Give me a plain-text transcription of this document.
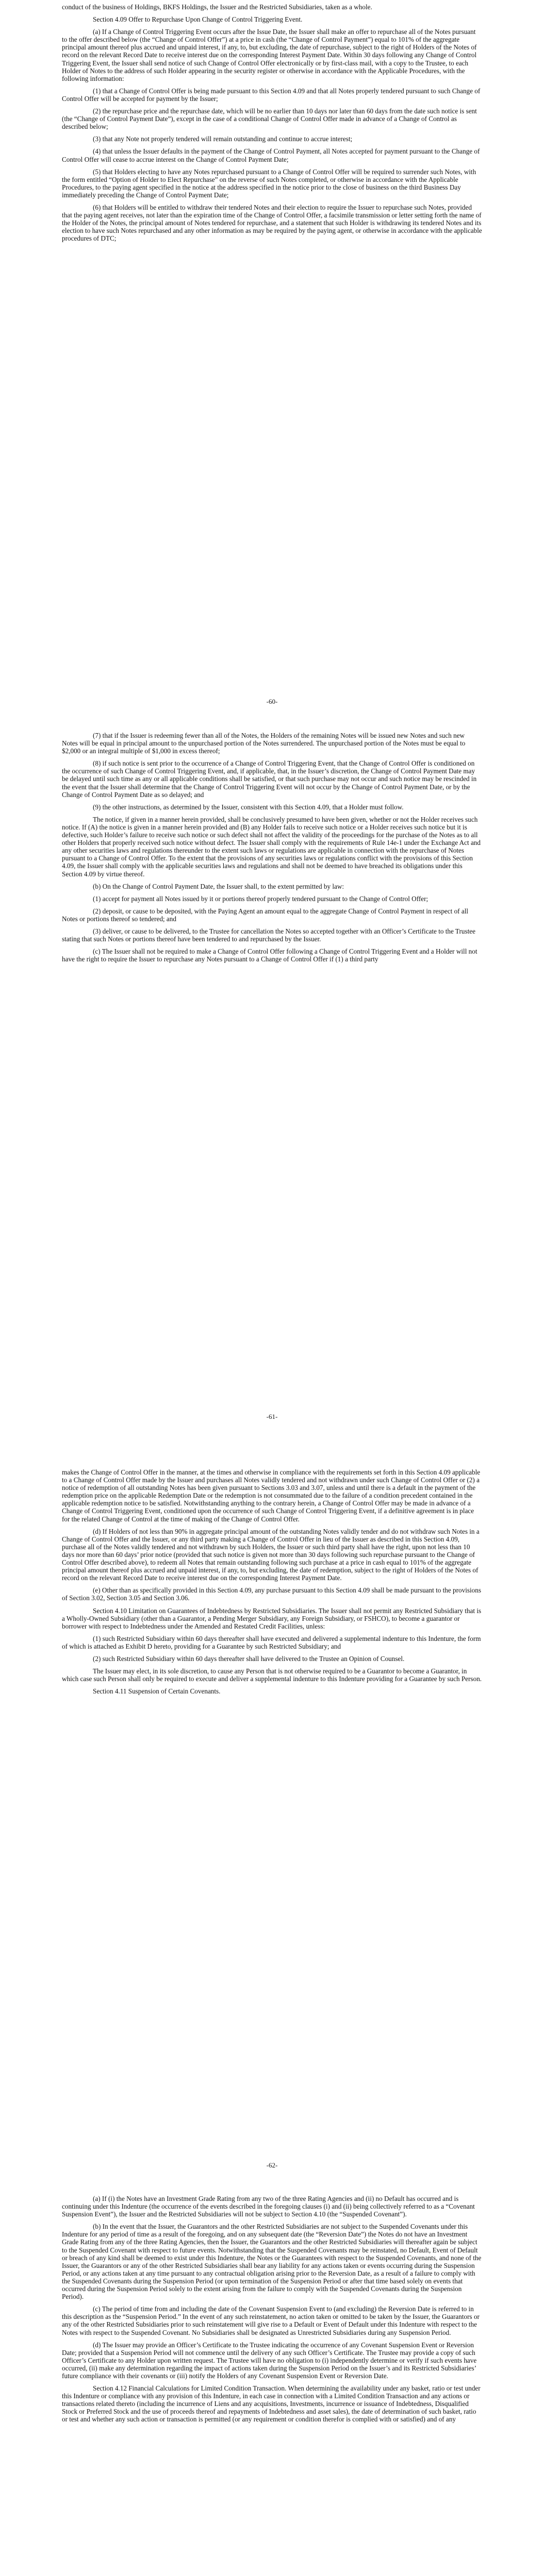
conduct of the business of Holdings, BKFS Holdings, the Issuer and the Restricted Subsidiaries, taken as a whole.

Section 4.09 Offer to Repurchase Upon Change of Control Triggering Event.

(a) If a Change of Control Triggering Event occurs after the Issue Date, the Issuer shall make an offer to repurchase all of the Notes pursuant to the offer described below (the “Change of Control Offer”) at a price in cash (the “Change of Control Payment”) equal to 101% of the aggregate principal amount thereof plus accrued and unpaid interest, if any, to, but excluding, the date of repurchase, subject to the right of Holders of the Notes of record on the relevant Record Date to receive interest due on the corresponding Interest Payment Date. Within 30 days following any Change of Control Triggering Event, the Issuer shall send notice of such Change of Control Offer electronically or by first-class mail, with a copy to the Trustee, to each Holder of Notes to the address of such Holder appearing in the security register or otherwise in accordance with the Applicable Procedures, with the following information:

(1) that a Change of Control Offer is being made pursuant to this Section 4.09 and that all Notes properly tendered pursuant to such Change of Control Offer will be accepted for payment by the Issuer;

(2) the repurchase price and the repurchase date, which will be no earlier than 10 days nor later than 60 days from the date such notice is sent (the “Change of Control Payment Date”), except in the case of a conditional Change of Control Offer made in advance of a Change of Control as described below;

(3) that any Note not properly tendered will remain outstanding and continue to accrue interest;

(4) that unless the Issuer defaults in the payment of the Change of Control Payment, all Notes accepted for payment pursuant to the Change of Control Offer will cease to accrue interest on the Change of Control Payment Date;

(5) that Holders electing to have any Notes repurchased pursuant to a Change of Control Offer will be required to surrender such Notes, with the form entitled “Option of Holder to Elect Repurchase” on the reverse of such Notes completed, or otherwise in accordance with the Applicable Procedures, to the paying agent specified in the notice at the address specified in the notice prior to the close of business on the third Business Day immediately preceding the Change of Control Payment Date;

(6) that Holders will be entitled to withdraw their tendered Notes and their election to require the Issuer to repurchase such Notes, provided that the paying agent receives, not later than the expiration time of the Change of Control Offer, a facsimile transmission or letter setting forth the name of the Holder of the Notes, the principal amount of Notes tendered for repurchase, and a statement that such Holder is withdrawing its tendered Notes and its election to have such Notes repurchased and any other information as may be required by the paying agent, or otherwise in accordance with the applicable procedures of DTC;

-60-

(7) that if the Issuer is redeeming fewer than all of the Notes, the Holders of the remaining Notes will be issued new Notes and such new Notes will be equal in principal amount to the unpurchased portion of the Notes surrendered. The unpurchased portion of the Notes must be equal to $2,000 or an integral multiple of $1,000 in excess thereof;

(8) if such notice is sent prior to the occurrence of a Change of Control Triggering Event, that the Change of Control Offer is conditioned on the occurrence of such Change of Control Triggering Event, and, if applicable, that, in the Issuer’s discretion, the Change of Control Payment Date may be delayed until such time as any or all applicable conditions shall be satisfied, or that such purchase may not occur and such notice may be rescinded in the event that the Issuer shall determine that the Change of Control Triggering Event will not occur by the Change of Control Payment Date, or by the Change of Control Payment Date as so delayed; and

(9) the other instructions, as determined by the Issuer, consistent with this Section 4.09, that a Holder must follow.

The notice, if given in a manner herein provided, shall be conclusively presumed to have been given, whether or not the Holder receives such notice. If (A) the notice is given in a manner herein provided and (B) any Holder fails to receive such notice or a Holder receives such notice but it is defective, such Holder’s failure to receive such notice or such defect shall not affect the validity of the proceedings for the purchase of the Notes as to all other Holders that properly received such notice without defect. The Issuer shall comply with the requirements of Rule 14e-1 under the Exchange Act and any other securities laws and regulations thereunder to the extent such laws or regulations are applicable in connection with the repurchase of Notes pursuant to a Change of Control Offer. To the extent that the provisions of any securities laws or regulations conflict with the provisions of this Section 4.09, the Issuer shall comply with the applicable securities laws and regulations and shall not be deemed to have breached its obligations under this Section 4.09 by virtue thereof.

(b) On the Change of Control Payment Date, the Issuer shall, to the extent permitted by law:

(1) accept for payment all Notes issued by it or portions thereof properly tendered pursuant to the Change of Control Offer;

(2) deposit, or cause to be deposited, with the Paying Agent an amount equal to the aggregate Change of Control Payment in respect of all Notes or portions thereof so tendered; and

(3) deliver, or cause to be delivered, to the Trustee for cancellation the Notes so accepted together with an Officer’s Certificate to the Trustee stating that such Notes or portions thereof have been tendered to and repurchased by the Issuer.

(c) The Issuer shall not be required to make a Change of Control Offer following a Change of Control Triggering Event and a Holder will not have the right to require the Issuer to repurchase any Notes pursuant to a Change of Control Offer if (1) a third party

-61-

makes the Change of Control Offer in the manner, at the times and otherwise in compliance with the requirements set forth in this Section 4.09 applicable to a Change of Control Offer made by the Issuer and purchases all Notes validly tendered and not withdrawn under such Change of Control Offer or (2) a notice of redemption of all outstanding Notes has been given pursuant to Sections 3.03 and 3.07, unless and until there is a default in the payment of the redemption price on the applicable Redemption Date or the redemption is not consummated due to the failure of a condition precedent contained in the applicable redemption notice to be satisfied. Notwithstanding anything to the contrary herein, a Change of Control Offer may be made in advance of a Change of Control Triggering Event, conditioned upon the occurrence of such Change of Control Triggering Event, if a definitive agreement is in place for the related Change of Control at the time of making of the Change of Control Offer.

(d) If Holders of not less than 90% in aggregate principal amount of the outstanding Notes validly tender and do not withdraw such Notes in a Change of Control Offer and the Issuer, or any third party making a Change of Control Offer in lieu of the Issuer as described in this Section 4.09, purchase all of the Notes validly tendered and not withdrawn by such Holders, the Issuer or such third party shall have the right, upon not less than 10 days nor more than 60 days’ prior notice (provided that such notice is given not more than 30 days following such repurchase pursuant to the Change of Control Offer described above), to redeem all Notes that remain outstanding following such purchase at a price in cash equal to 101% of the aggregate principal amount thereof plus accrued and unpaid interest, if any, to, but excluding, the date of redemption, subject to the right of Holders of the Notes of record on the relevant Record Date to receive interest due on the corresponding Interest Payment Date.

(e) Other than as specifically provided in this Section 4.09, any purchase pursuant to this Section 4.09 shall be made pursuant to the provisions of Section 3.02, Section 3.05 and Section 3.06.

Section 4.10 Limitation on Guarantees of Indebtedness by Restricted Subsidiaries. The Issuer shall not permit any Restricted Subsidiary that is a Wholly-Owned Subsidiary (other than a Guarantor, a Pending Merger Subsidiary, any Foreign Subsidiary, or FSHCO), to become a guarantor or borrower with respect to Indebtedness under the Amended and Restated Credit Facilities, unless:

(1) such Restricted Subsidiary within 60 days thereafter shall have executed and delivered a supplemental indenture to this Indenture, the form of which is attached as Exhibit D hereto, providing for a Guarantee by such Restricted Subsidiary; and

(2) such Restricted Subsidiary within 60 days thereafter shall have delivered to the Trustee an Opinion of Counsel.

The Issuer may elect, in its sole discretion, to cause any Person that is not otherwise required to be a Guarantor to become a Guarantor, in which case such Person shall only be required to execute and deliver a supplemental indenture to this Indenture providing for a Guarantee by such Person.

Section 4.11 Suspension of Certain Covenants.

-62-

(a) If (i) the Notes have an Investment Grade Rating from any two of the three Rating Agencies and (ii) no Default has occurred and is continuing under this Indenture (the occurrence of the events described in the foregoing clauses (i) and (ii) being collectively referred to as a “Covenant Suspension Event”), the Issuer and the Restricted Subsidiaries will not be subject to Section 4.10 (the “Suspended Covenant”).

(b) In the event that the Issuer, the Guarantors and the other Restricted Subsidiaries are not subject to the Suspended Covenants under this Indenture for any period of time as a result of the foregoing, and on any subsequent date (the “Reversion Date”) the Notes do not have an Investment Grade Rating from any of the three Rating Agencies, then the Issuer, the Guarantors and the other Restricted Subsidiaries will thereafter again be subject to the Suspended Covenant with respect to future events. Notwithstanding that the Suspended Covenants may be reinstated, no Default, Event of Default or breach of any kind shall be deemed to exist under this Indenture, the Notes or the Guarantees with respect to the Suspended Covenants, and none of the Issuer, the Guarantors or any of the other Restricted Subsidiaries shall bear any liability for any actions taken or events occurring during the Suspension Period, or any actions taken at any time pursuant to any contractual obligation arising prior to the Reversion Date, as a result of a failure to comply with the Suspended Covenants during the Suspension Period (or upon termination of the Suspension Period or after that time based solely on events that occurred during the Suspension Period solely to the extent arising from the failure to comply with the Suspended Covenants during the Suspension Period).

(c) The period of time from and including the date of the Covenant Suspension Event to (and excluding) the Reversion Date is referred to in this description as the “Suspension Period.” In the event of any such reinstatement, no action taken or omitted to be taken by the Issuer, the Guarantors or any of the other Restricted Subsidiaries prior to such reinstatement will give rise to a Default or Event of Default under this Indenture with respect to the Notes with respect to the Suspended Covenant. No Subsidiaries shall be designated as Unrestricted Subsidiaries during any Suspension Period.

(d) The Issuer may provide an Officer’s Certificate to the Trustee indicating the occurrence of any Covenant Suspension Event or Reversion Date; provided that a Suspension Period will not commence until the delivery of any such Officer’s Certificate. The Trustee may provide a copy of such Officer’s Certificate to any Holder upon written request. The Trustee will have no obligation to (i) independently determine or verify if such events have occurred, (ii) make any determination regarding the impact of actions taken during the Suspension Period on the Issuer’s and its Restricted Subsidiaries’ future compliance with their covenants or (iii) notify the Holders of any Covenant Suspension Event or Reversion Date.

Section 4.12 Financial Calculations for Limited Condition Transaction. When determining the availability under any basket, ratio or test under this Indenture or compliance with any provision of this Indenture, in each case in connection with a Limited Condition Transaction and any actions or transactions related thereto (including the incurrence of Liens and any acquisitions, Investments, incurrence or issuance of Indebtedness, Disqualified Stock or Preferred Stock and the use of proceeds thereof and repayments of Indebtedness and asset sales), the date of determination of such basket, ratio or test and whether any such action or transaction is permitted (or any requirement or condition therefor is complied with or satisfied) and of any
